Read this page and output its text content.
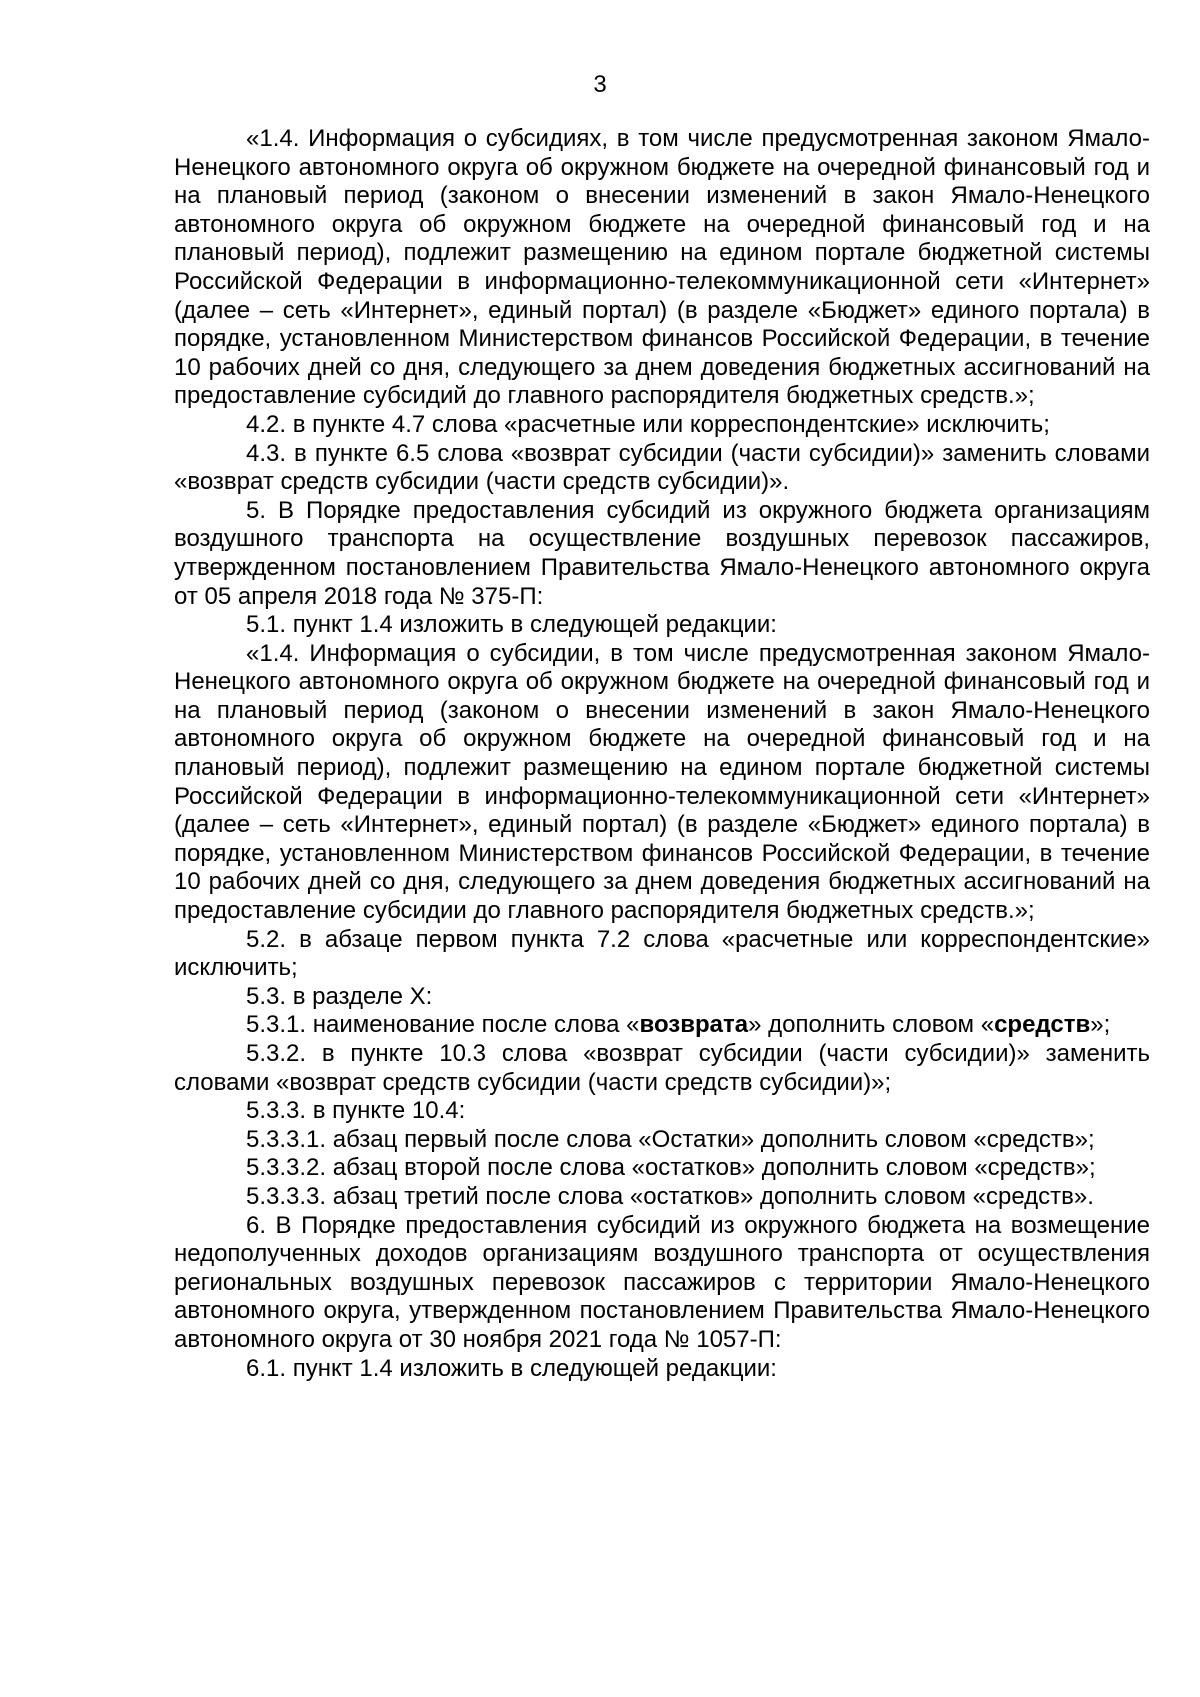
3

«1.4. Информация о субсидиях, в том числе предусмотренная законом Ямало-Ненецкого автономного округа об окружном бюджете на очередной финансовый год и на плановый период (законом о внесении изменений в закон Ямало-Ненецкого автономного округа об окружном бюджете на очередной финансовый год и на плановый период), подлежит размещению на едином портале бюджетной системы Российской Федерации в информационно-телекоммуникационной сети «Интернет» (далее – сеть «Интернет», единый портал) (в разделе «Бюджет» единого портала) в порядке, установленном Министерством финансов Российской Федерации, в течение 10 рабочих дней со дня, следующего за днем доведения бюджетных ассигнований на предоставление субсидий до главного распорядителя бюджетных средств.»;

4.2. в пункте 4.7 слова «расчетные или корреспондентские» исключить;

4.3. в пункте 6.5 слова «возврат субсидии (части субсидии)» заменить словами «возврат средств субсидии (части средств субсидии)».

5. В Порядке предоставления субсидий из окружного бюджета организациям воздушного транспорта на осуществление воздушных перевозок пассажиров, утвержденном постановлением Правительства Ямало-Ненецкого автономного округа от 05 апреля 2018 года № 375-П:

5.1. пункт 1.4 изложить в следующей редакции:

«1.4. Информация о субсидии, в том числе предусмотренная законом Ямало-Ненецкого автономного округа об окружном бюджете на очередной финансовый год и на плановый период (законом о внесении изменений в закон Ямало-Ненецкого автономного округа об окружном бюджете на очередной финансовый год и на плановый период), подлежит размещению на едином портале бюджетной системы Российской Федерации в информационно-телекоммуникационной сети «Интернет» (далее – сеть «Интернет», единый портал) (в разделе «Бюджет» единого портала) в порядке, установленном Министерством финансов Российской Федерации, в течение 10 рабочих дней со дня, следующего за днем доведения бюджетных ассигнований на предоставление субсидии до главного распорядителя бюджетных средств.»;

5.2. в абзаце первом пункта 7.2 слова «расчетные или корреспондентские» исключить;

5.3. в разделе X:

5.3.1. наименование после слова «возврата» дополнить словом «средств»;

5.3.2. в пункте 10.3 слова «возврат субсидии (части субсидии)» заменить словами «возврат средств субсидии (части средств субсидии)»;

5.3.3. в пункте 10.4:

5.3.3.1. абзац первый после слова «Остатки» дополнить словом «средств»;

5.3.3.2. абзац второй после слова «остатков» дополнить словом «средств»;

5.3.3.3. абзац третий после слова «остатков» дополнить словом «средств».

6. В Порядке предоставления субсидий из окружного бюджета на возмещение недополученных доходов организациям воздушного транспорта от осуществления региональных воздушных перевозок пассажиров с территории Ямало-Ненецкого автономного округа, утвержденном постановлением Правительства Ямало-Ненецкого автономного округа от 30 ноября 2021 года № 1057-П:

6.1. пункт 1.4 изложить в следующей редакции:
